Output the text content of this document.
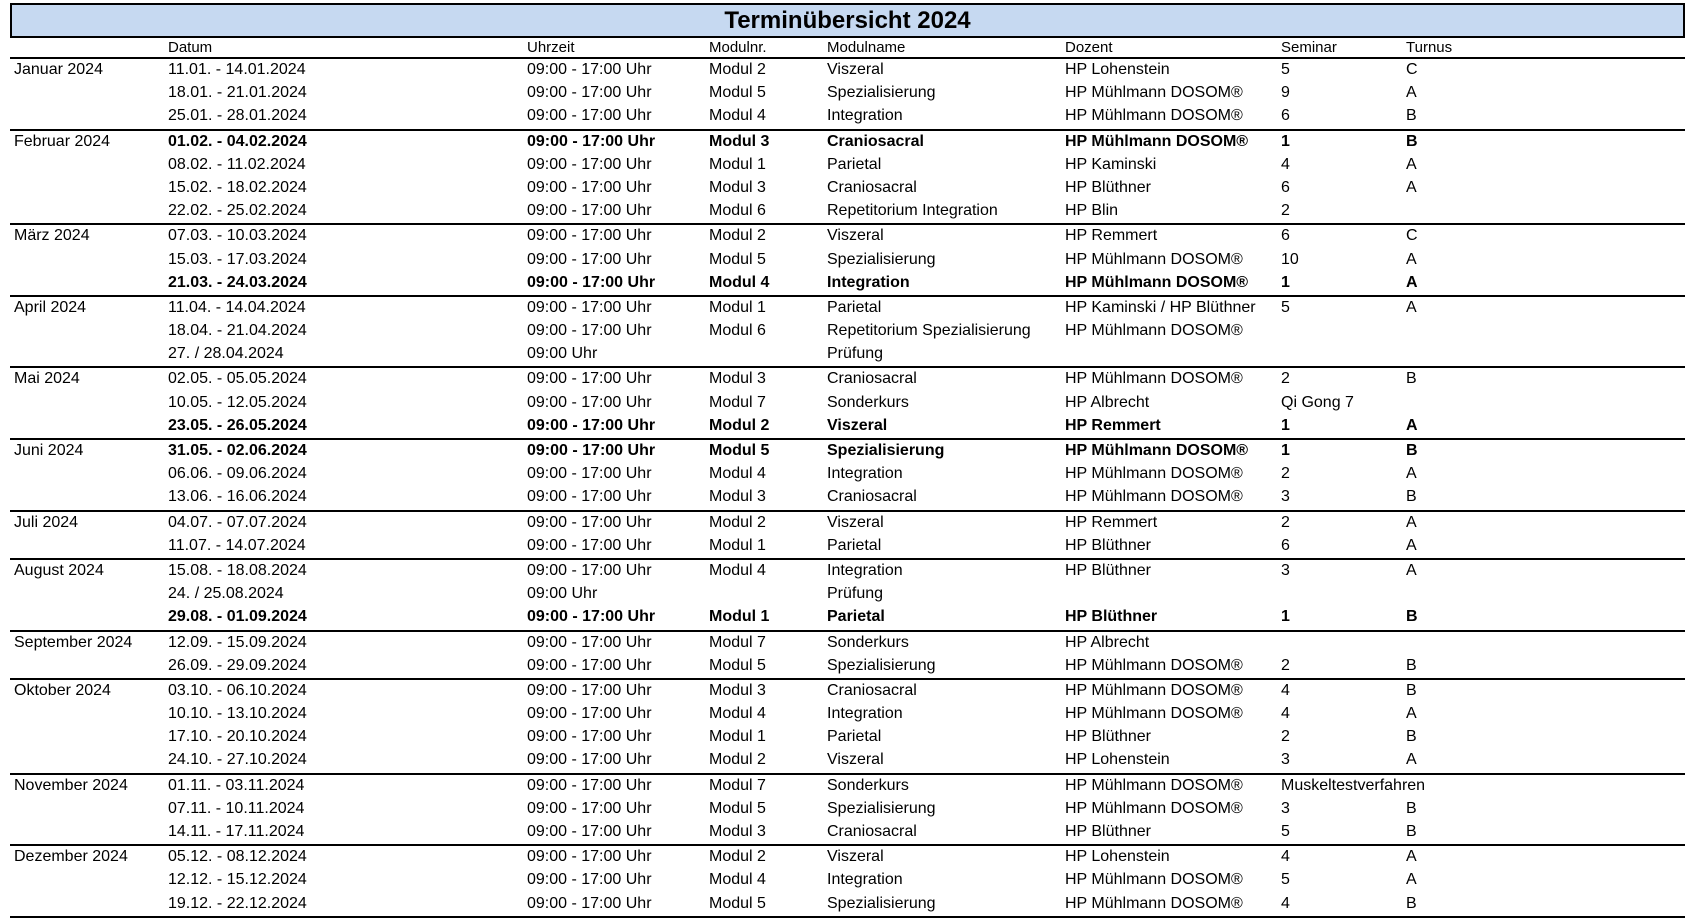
Terminübersicht 2024
	Datum	Uhrzeit	Modulnr.	Modulname	Dozent	Seminar	Turnus
Januar 2024	11.01. - 14.01.2024	09:00 - 17:00 Uhr	Modul 2	Viszeral	HP Lohenstein	5	C
	18.01. - 21.01.2024	09:00 - 17:00 Uhr	Modul 5	Spezialisierung	HP Mühlmann DOSOM®	9	A
	25.01. - 28.01.2024	09:00 - 17:00 Uhr	Modul 4	Integration	HP Mühlmann DOSOM®	6	B
Februar 2024	01.02. - 04.02.2024	09:00 - 17:00 Uhr	Modul 3	Craniosacral	HP Mühlmann DOSOM®	1	B
	08.02. - 11.02.2024	09:00 - 17:00 Uhr	Modul 1	Parietal	HP Kaminski	4	A
	15.02. - 18.02.2024	09:00 - 17:00 Uhr	Modul 3	Craniosacral	HP Blüthner	6	A
	22.02. - 25.02.2024	09:00 - 17:00 Uhr	Modul 6	Repetitorium Integration	HP Blin	2	
März 2024	07.03. - 10.03.2024	09:00 - 17:00 Uhr	Modul 2	Viszeral	HP Remmert	6	C
	15.03. - 17.03.2024	09:00 - 17:00 Uhr	Modul 5	Spezialisierung	HP Mühlmann DOSOM®	10	A
	21.03. - 24.03.2024	09:00 - 17:00 Uhr	Modul 4	Integration	HP Mühlmann DOSOM®	1	A
April 2024	11.04. - 14.04.2024	09:00 - 17:00 Uhr	Modul 1	Parietal	HP Kaminski / HP Blüthner	5	A
	18.04. - 21.04.2024	09:00 - 17:00 Uhr	Modul 6	Repetitorium Spezialisierung	HP Mühlmann DOSOM®		
	27. / 28.04.2024	09:00 Uhr		Prüfung			
Mai 2024	02.05. - 05.05.2024	09:00 - 17:00 Uhr	Modul 3	Craniosacral	HP Mühlmann DOSOM®	2	B
	10.05. - 12.05.2024	09:00 - 17:00 Uhr	Modul 7	Sonderkurs	HP Albrecht	Qi Gong 7	
	23.05. - 26.05.2024	09:00 - 17:00 Uhr	Modul 2	Viszeral	HP Remmert	1	A
Juni 2024	31.05. - 02.06.2024	09:00 - 17:00 Uhr	Modul 5	Spezialisierung	HP Mühlmann DOSOM®	1	B
	06.06. - 09.06.2024	09:00 - 17:00 Uhr	Modul 4	Integration	HP Mühlmann DOSOM®	2	A
	13.06. - 16.06.2024	09:00 - 17:00 Uhr	Modul 3	Craniosacral	HP Mühlmann DOSOM®	3	B
Juli 2024	04.07. - 07.07.2024	09:00 - 17:00 Uhr	Modul 2	Viszeral	HP Remmert	2	A
	11.07. - 14.07.2024	09:00 - 17:00 Uhr	Modul 1	Parietal	HP Blüthner	6	A
August 2024	15.08. - 18.08.2024	09:00 - 17:00 Uhr	Modul 4	Integration	HP Blüthner	3	A
	24. / 25.08.2024	09:00 Uhr		Prüfung			
	29.08. - 01.09.2024	09:00 - 17:00 Uhr	Modul 1	Parietal	HP Blüthner	1	B
September 2024	12.09. - 15.09.2024	09:00 - 17:00 Uhr	Modul 7	Sonderkurs	HP Albrecht		
	26.09. - 29.09.2024	09:00 - 17:00 Uhr	Modul 5	Spezialisierung	HP Mühlmann DOSOM®	2	B
Oktober 2024	03.10. - 06.10.2024	09:00 - 17:00 Uhr	Modul 3	Craniosacral	HP Mühlmann DOSOM®	4	B
	10.10. - 13.10.2024	09:00 - 17:00 Uhr	Modul 4	Integration	HP Mühlmann DOSOM®	4	A
	17.10. - 20.10.2024	09:00 - 17:00 Uhr	Modul 1	Parietal	HP Blüthner	2	B
	24.10. - 27.10.2024	09:00 - 17:00 Uhr	Modul 2	Viszeral	HP Lohenstein	3	A
November 2024	01.11. - 03.11.2024	09:00 - 17:00 Uhr	Modul 7	Sonderkurs	HP Mühlmann DOSOM®	Muskeltestverfahren	
	07.11. - 10.11.2024	09:00 - 17:00 Uhr	Modul 5	Spezialisierung	HP Mühlmann DOSOM®	3	B
	14.11. - 17.11.2024	09:00 - 17:00 Uhr	Modul 3	Craniosacral	HP Blüthner	5	B
Dezember 2024	05.12. - 08.12.2024	09:00 - 17:00 Uhr	Modul 2	Viszeral	HP Lohenstein	4	A
	12.12. - 15.12.2024	09:00 - 17:00 Uhr	Modul 4	Integration	HP Mühlmann DOSOM®	5	A
	19.12. - 22.12.2024	09:00 - 17:00 Uhr	Modul 5	Spezialisierung	HP Mühlmann DOSOM®	4	B
